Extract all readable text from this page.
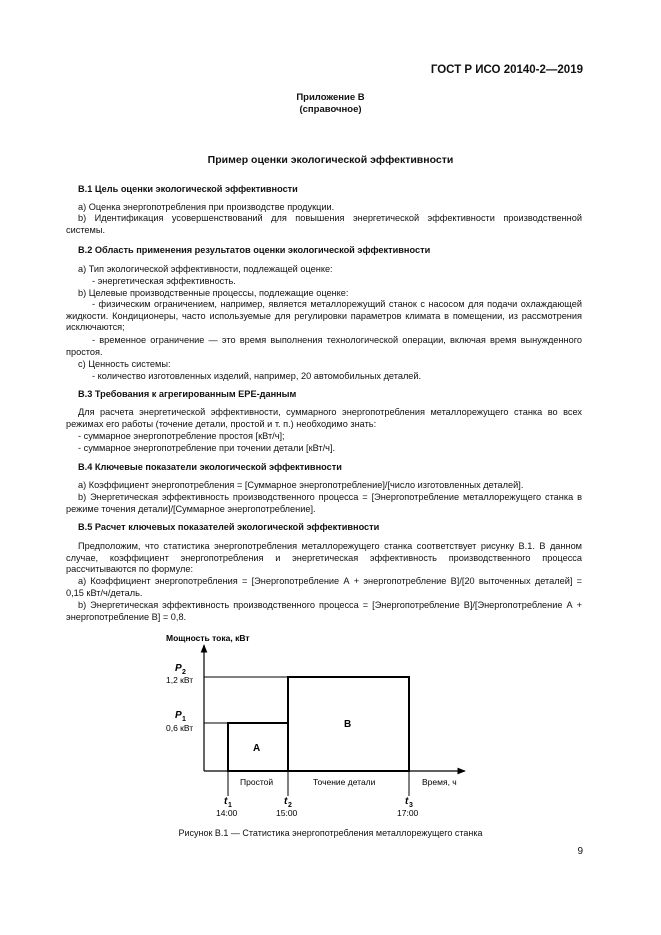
ГОСТ Р ИСО 20140-2—2019
Приложение В
(справочное)
Пример оценки экологической эффективности
В.1 Цель оценки экологической эффективности
а) Оценка энергопотребления при производстве продукции.
b) Идентификация усовершенствований для повышения энергетической эффективности производственной системы.
В.2 Область применения результатов оценки экологической эффективности
а) Тип экологической эффективности, подлежащей оценке:
- энергетическая эффективность.
b) Целевые производственные процессы, подлежащие оценке:
- физическим ограничением, например, является металлорежущий станок с насосом для подачи охлаждающей жидкости. Кондиционеры, часто используемые для регулировки параметров климата в помещении, из рассмотрения исключаются;
- временное ограничение — это время выполнения технологической операции, включая время вынужденного простоя.
c) Ценность системы:
- количество изготовленных изделий, например, 20 автомобильных деталей.
В.3 Требования к агрегированным ЕРЕ-данным
Для расчета энергетической эффективности, суммарного энергопотребления металлорежущего станка во всех режимах его работы (точение детали, простой и т. п.) необходимо знать:
- суммарное энергопотребление простоя [кВт/ч];
- суммарное энергопотребление при точении детали [кВт/ч].
В.4 Ключевые показатели экологической эффективности
а) Коэффициент энергопотребления = [Суммарное энергопотребление]/[число изготовленных деталей].
b) Энергетическая эффективность производственного процесса = [Энергопотребление металлорежущего станка в режиме точения детали]/[Суммарное энергопотребление].
В.5 Расчет ключевых показателей экологической эффективности
Предположим, что статистика энергопотребления металлорежущего станка соответствует рисунку В.1. В данном случае, коэффициент энергопотребления и энергетическая эффективность производственного процесса рассчитываются по формуле:
а) Коэффициент энергопотребления = [Энергопотребление А + энергопотребление В]/[20 выточенных деталей] = 0,15 кВт/ч/деталь.
b) Энергетическая эффективность производственного процесса = [Энергопотребление В]/[Энергопотребление А + энергопотребление В] = 0,8.
Мощность тока, кВт
Время, ч
P 2
1,2 кВт
P 1
0,6 кВт
A
B
Простой	Точение детали
t 1
14:00
t 2
15:00
t 3
17:00
Рисунок В.1 — Статистика энергопотребления металлорежущего станка
9
